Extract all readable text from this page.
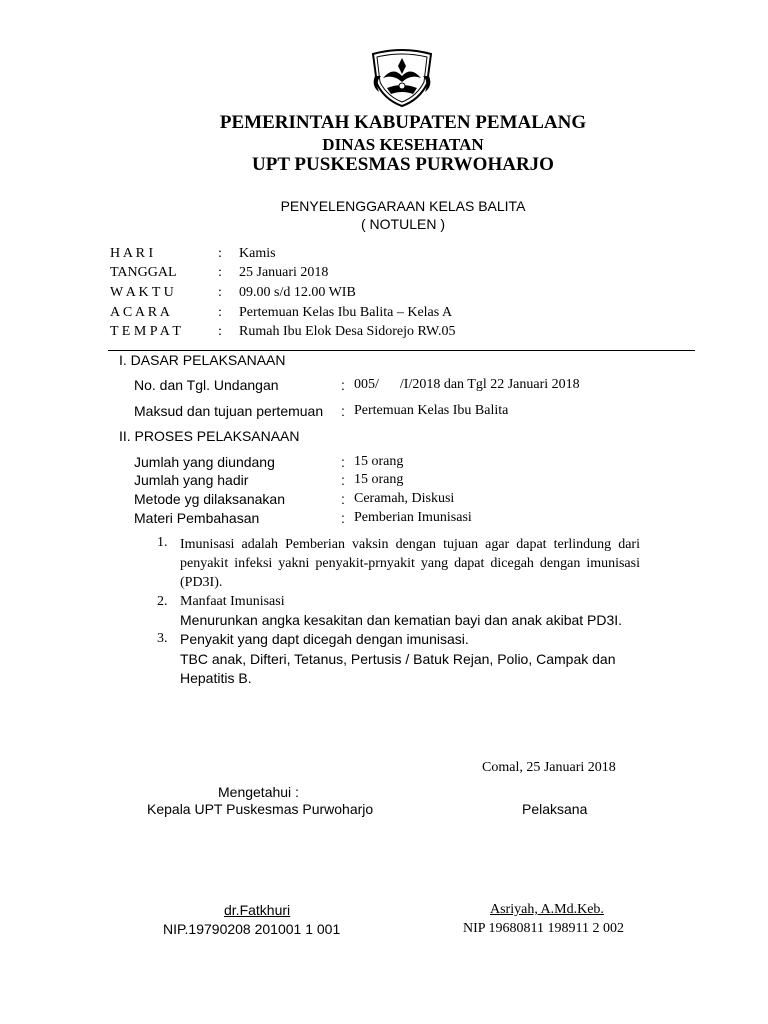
PEMERINTAH KABUPATEN PEMALANG
DINAS KESEHATAN
UPT PUSKESMAS PURWOHARJO
PENYELENGGARAAN KELAS BALITA
( NOTULEN )
H A R I	: Kamis
TANGGAL	: 25 Januari 2018
W A K T U	: 09.00 s/d 12.00 WIB
A C A R A	: Pertemuan Kelas Ibu Balita – Kelas A
T E M P A T	: Rumah Ibu Elok Desa Sidorejo RW.05
I. DASAR PELAKSANAAN
No. dan Tgl. Undangan	: 005/      /I/2018 dan Tgl 22 Januari 2018
Maksud dan tujuan pertemuan : Pertemuan Kelas Ibu Balita
II. PROSES PELAKSANAAN
Jumlah yang diundang	: 15 orang
Jumlah yang hadir	: 15 orang
Metode yg dilaksanakan	: Ceramah, Diskusi
Materi Pembahasan	: Pemberian Imunisasi
1. Imunisasi adalah Pemberian vaksin dengan tujuan agar dapat terlindung dari penyakit infeksi yakni penyakit-prnyakit yang dapat dicegah dengan imunisasi (PD3I).
2. Manfaat Imunisasi
Menurunkan angka kesakitan dan kematian bayi dan anak akibat PD3I.
3. Penyakit yang dapt dicegah dengan imunisasi.
TBC anak, Difteri, Tetanus, Pertusis / Batuk Rejan, Polio, Campak dan
Hepatitis B.
Comal, 25 Januari 2018
Mengetahui :
Kepala UPT Puskesmas Purwoharjo	Pelaksana
dr.Fatkhuri
NIP.19790208 201001 1 001
Asriyah, A.Md.Keb.
NIP 19680811 198911 2 002
